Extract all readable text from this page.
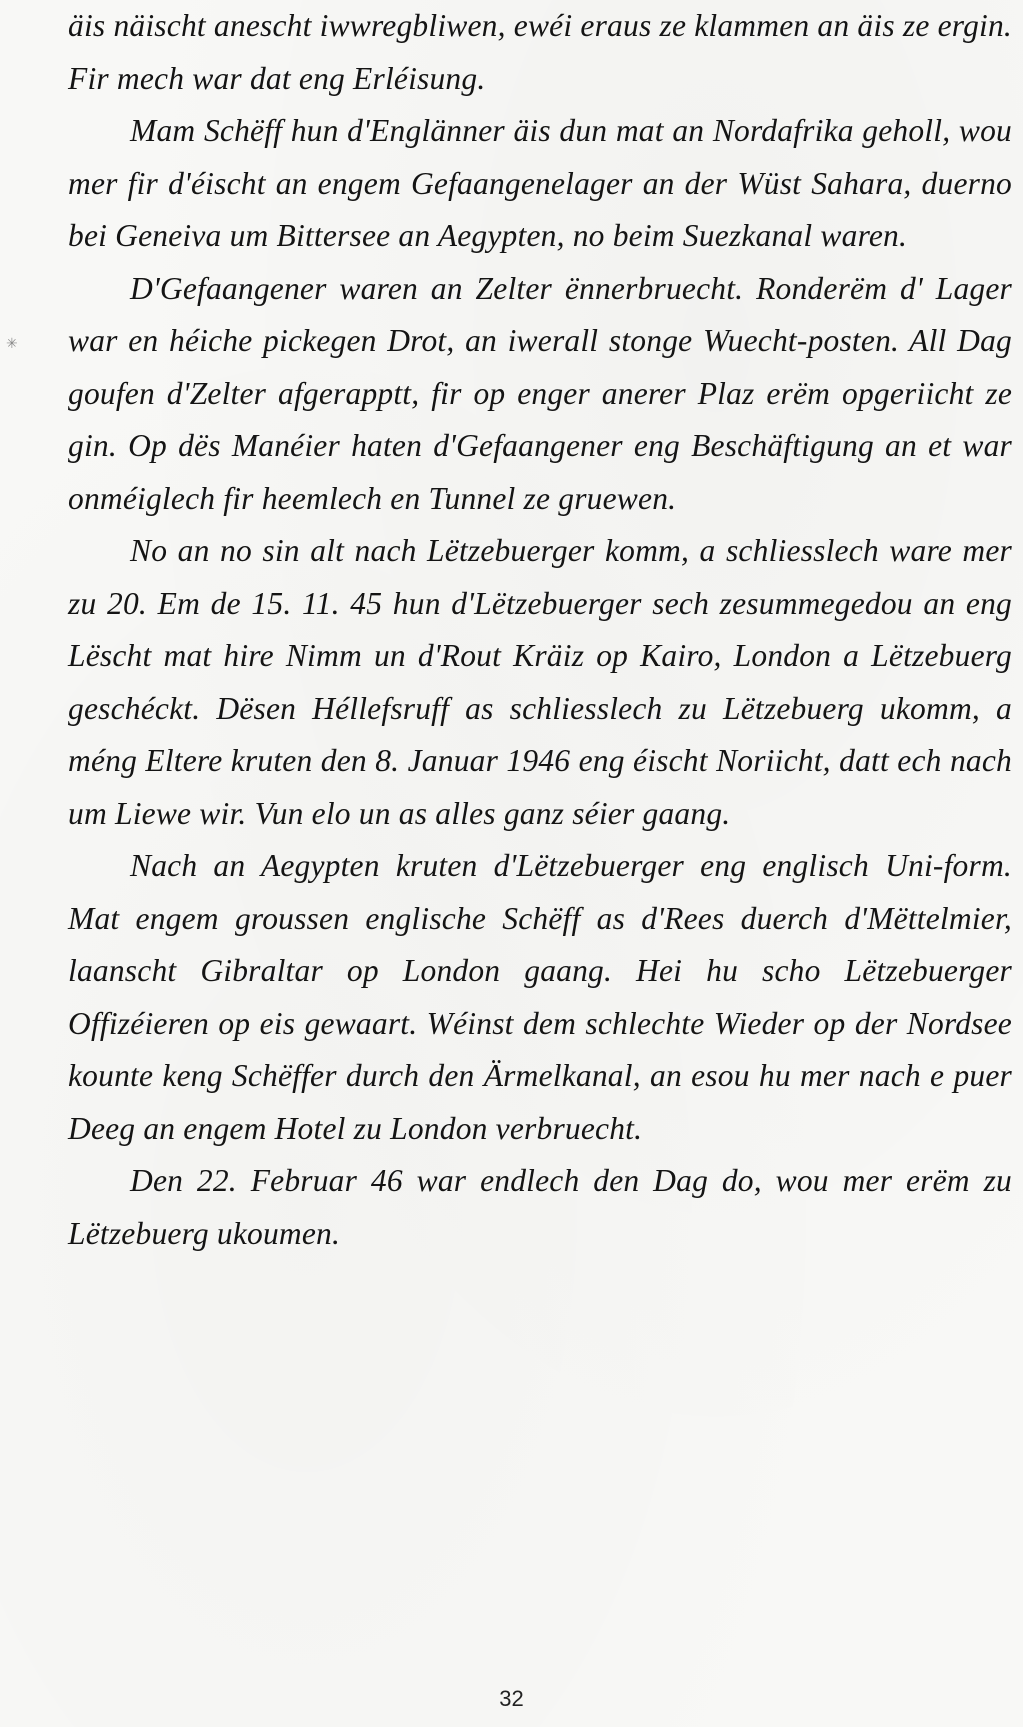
✳

äis näischt anescht iwwregbliwen, ewéi eraus ze klammen an äis ze ergin. Fir mech war dat eng Erléisung.

Mam Schëff hun d'Englänner äis dun mat an Nordafrika geholl, wou mer fir d'éischt an engem Gefaangenelager an der Wüst Sahara, duerno bei Geneiva um Bittersee an Aegypten, no beim Suezkanal waren.

D'Gefaangener waren an Zelter ënnerbruecht. Ronderëm d' Lager war en héiche pickegen Drot, an iwerall stonge Wuecht-posten. All Dag goufen d'Zelter afgerapptt, fir op enger anerer Plaz erëm opgeriicht ze gin. Op dës Manéier haten d'Gefaangener eng Beschäftigung an et war onméiglech fir heemlech en Tunnel ze gruewen.

No an no sin alt nach Lëtzebuerger komm, a schliesslech ware mer zu 20. Em de 15. 11. 45 hun d'Lëtzebuerger sech zesummegedou an eng Lëscht mat hire Nimm un d'Rout Kräiz op Kairo, London a Lëtzebuerg geschéckt. Dësen Héllefsruff as schliesslech zu Lëtzebuerg ukomm, a méng Eltere kruten den 8. Januar 1946 eng éischt Noriicht, datt ech nach um Liewe wir. Vun elo un as alles ganz séier gaang.

Nach an Aegypten kruten d'Lëtzebuerger eng englisch Uni-form. Mat engem groussen englische Schëff as d'Rees duerch d'Mëttelmier, laanscht Gibraltar op London gaang. Hei hu scho Lëtzebuerger Offizéieren op eis gewaart. Wéinst dem schlechte Wieder op der Nordsee kounte keng Schëffer durch den Ärmelkanal, an esou hu mer nach e puer Deeg an engem Hotel zu London verbruecht.

Den 22. Februar 46 war endlech den Dag do, wou mer erëm zu Lëtzebuerg ukoumen.

32
